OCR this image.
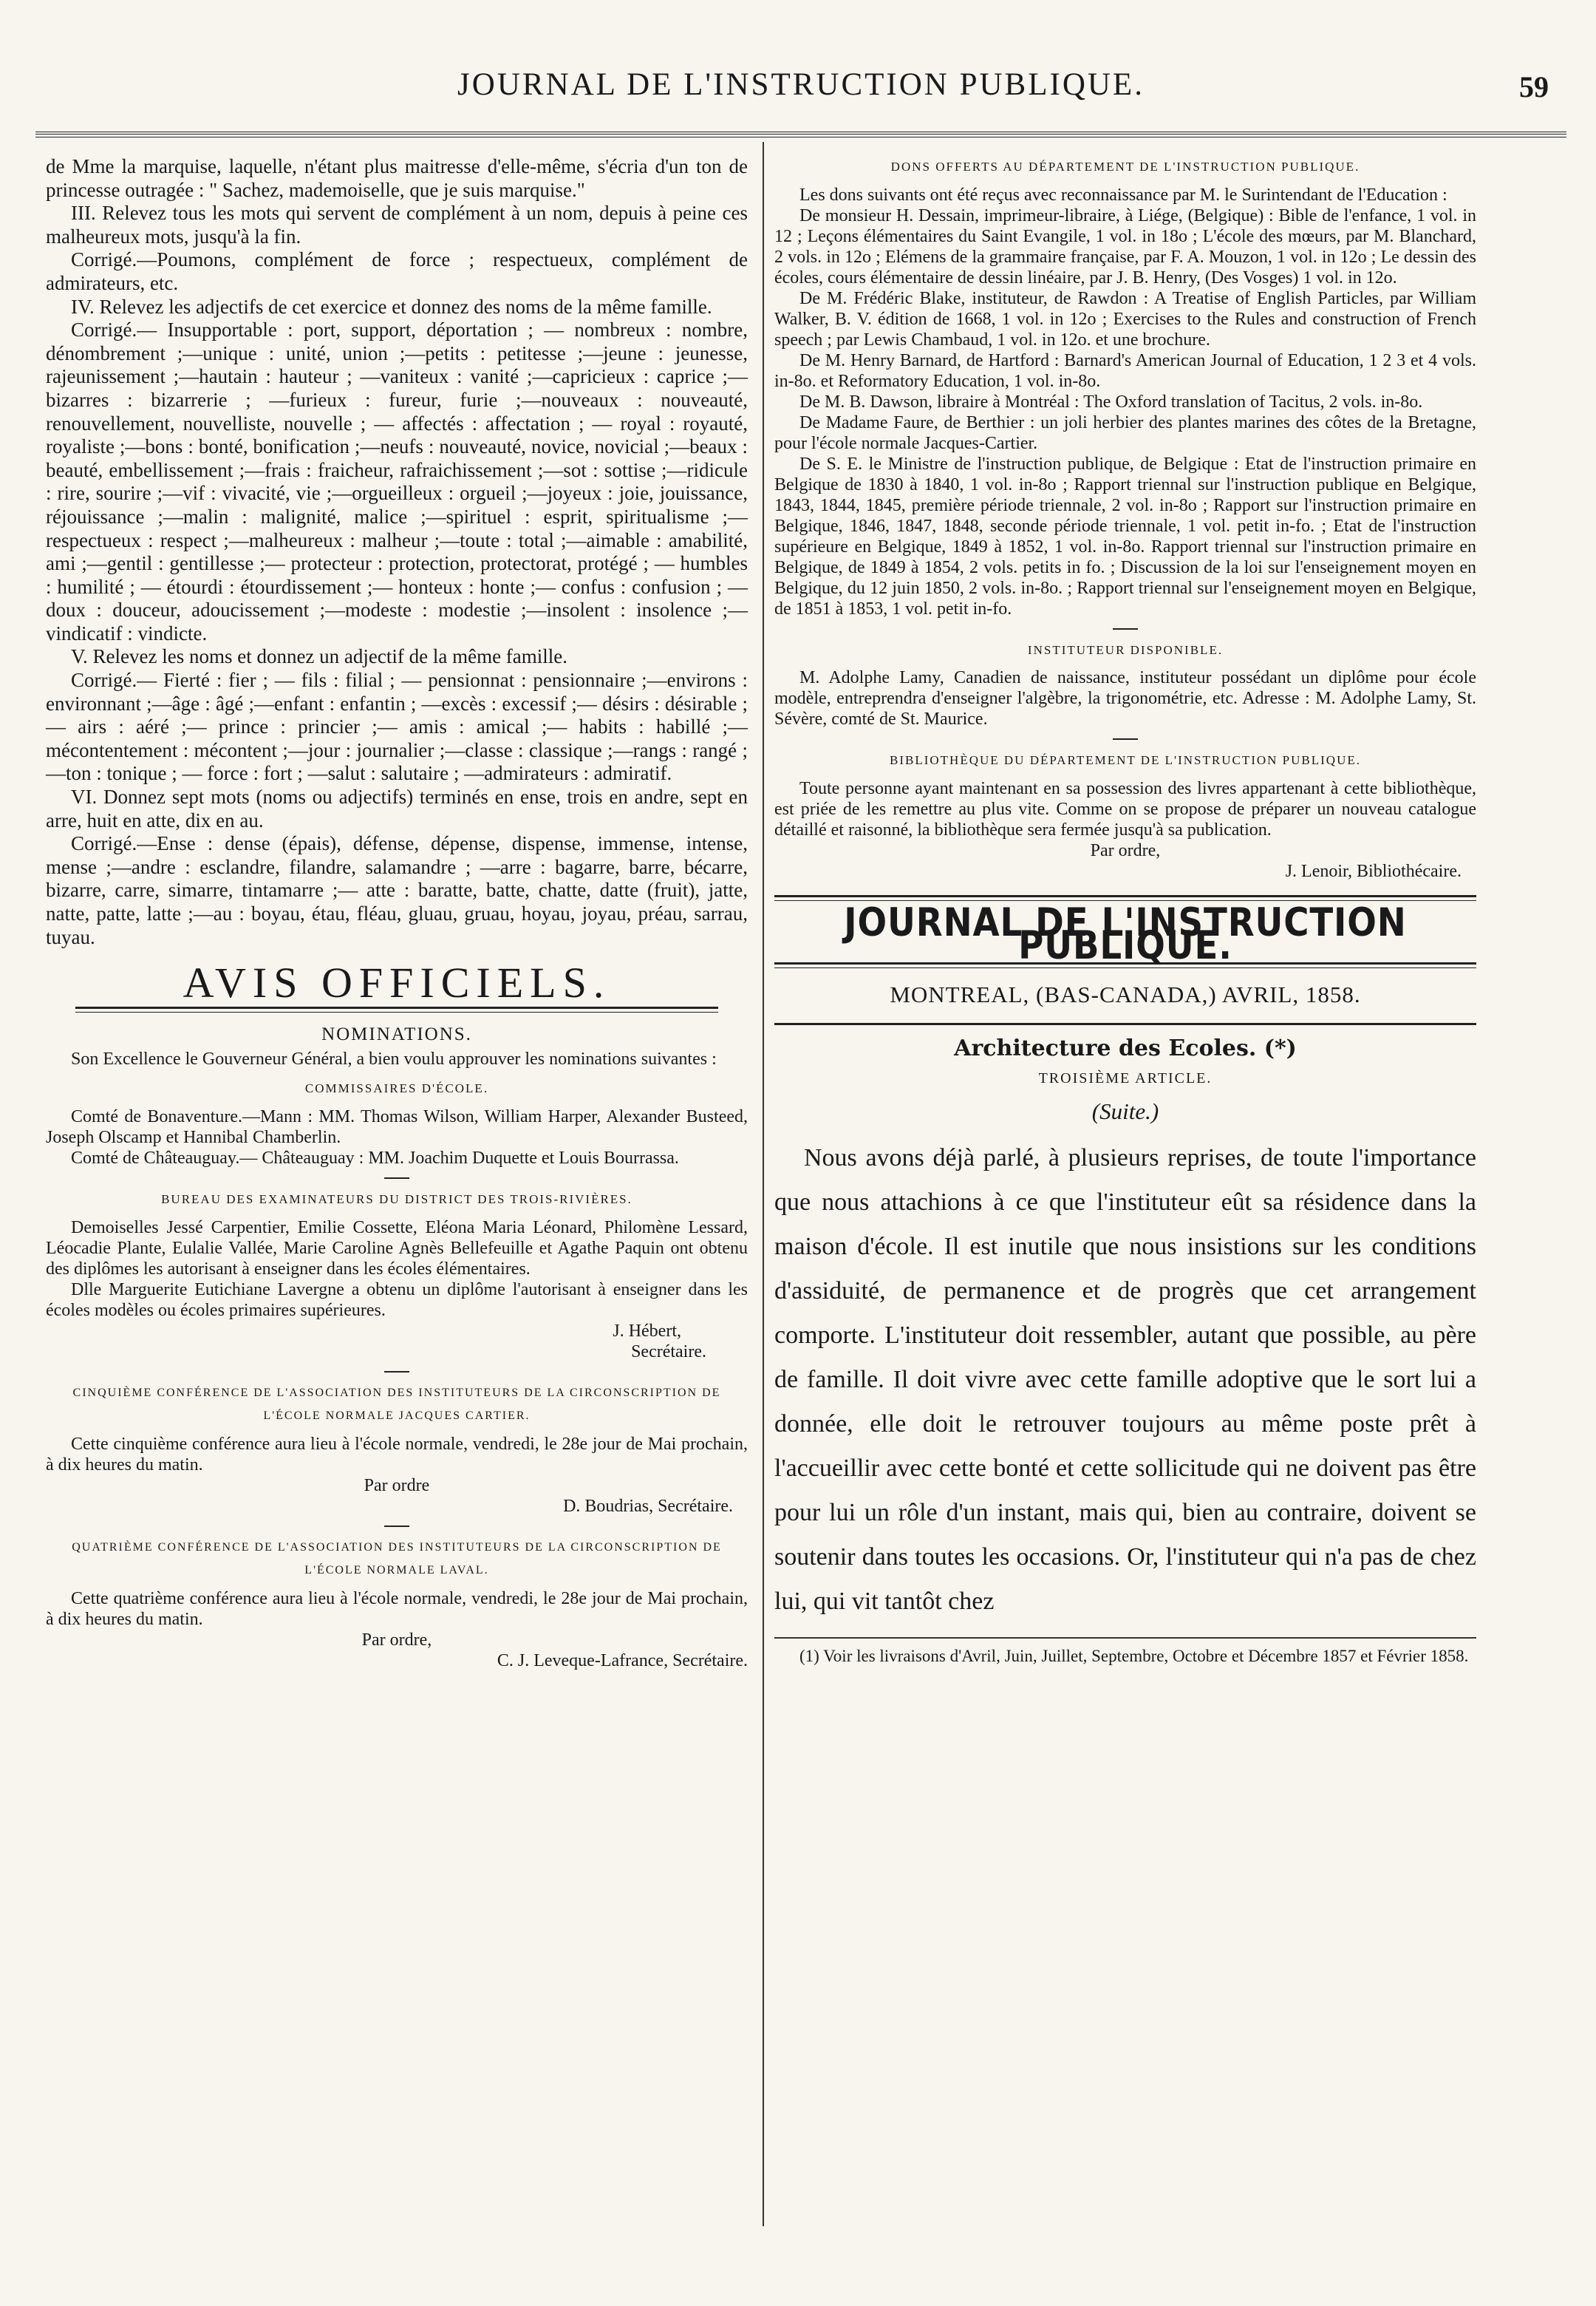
JOURNAL DE L'INSTRUCTION PUBLIQUE.	59

de Mme la marquise, laquelle, n'étant plus maitresse d'elle-même, s'écria d'un ton de princesse outragée : " Sachez, mademoiselle, que je suis marquise."

III. Relevez tous les mots qui servent de complément à un nom, depuis à peine ces malheureux mots, jusqu'à la fin.

Corrigé.—Poumons, complément de force ; respectueux, complément de admirateurs, etc.

IV. Relevez les adjectifs de cet exercice et donnez des noms de la même famille.

Corrigé.— Insupportable : port, support, déportation ; — nombreux : nombre, dénombrement ;—unique : unité, union ;—petits : petitesse ;—jeune : jeunesse, rajeunissement ;—hautain : hauteur ; —vaniteux : vanité ;—capricieux : caprice ;—bizarres : bizarrerie ; —furieux : fureur, furie ;—nouveaux : nouveauté, renouvellement, nouvelliste, nouvelle ; — affectés : affectation ; — royal : royauté, royaliste ;—bons : bonté, bonification ;—neufs : nouveauté, novice, novicial ;—beaux : beauté, embellissement ;—frais : fraicheur, rafraichissement ;—sot : sottise ;—ridicule : rire, sourire ;—vif : vivacité, vie ;—orgueilleux : orgueil ;—joyeux : joie, jouissance, réjouissance ;—malin : malignité, malice ;—spirituel : esprit, spiritualisme ;—respectueux : respect ;—malheureux : malheur ;—toute : total ;—aimable : amabilité, ami ;—gentil : gentillesse ;— protecteur : protection, protectorat, protégé ; — humbles : humilité ; — étourdi : étourdissement ;— honteux : honte ;— confus : confusion ; —doux : douceur, adoucissement ;—modeste : modestie ;—insolent : insolence ;—vindicatif : vindicte.

V. Relevez les noms et donnez un adjectif de la même famille.

Corrigé.— Fierté : fier ; — fils : filial ; — pensionnat : pensionnaire ;—environs : environnant ;—âge : âgé ;—enfant : enfantin ; —excès : excessif ;— désirs : désirable ;— airs : aéré ;— prince : princier ;— amis : amical ;— habits : habillé ;— mécontentement : mécontent ;—jour : journalier ;—classe : classique ;—rangs : rangé ; —ton : tonique ; — force : fort ; —salut : salutaire ; —admirateurs : admiratif.

VI. Donnez sept mots (noms ou adjectifs) terminés en ense, trois en andre, sept en arre, huit en atte, dix en au.

Corrigé.—Ense : dense (épais), défense, dépense, dispense, immense, intense, mense ;—andre : esclandre, filandre, salamandre ; —arre : bagarre, barre, bécarre, bizarre, carre, simarre, tintamarre ;— atte : baratte, batte, chatte, datte (fruit), jatte, natte, patte, latte ;—au : boyau, étau, fléau, gluau, gruau, hoyau, joyau, préau, sarrau, tuyau.

AVIS OFFICIELS.
NOMINATIONS.

Son Excellence le Gouverneur Général, a bien voulu approuver les nominations suivantes :

COMMISSAIRES D'ÉCOLE.

Comté de Bonaventure.—Mann : MM. Thomas Wilson, William Harper, Alexander Busteed, Joseph Olscamp et Hannibal Chamberlin.

Comté de Châteauguay.— Châteauguay : MM. Joachim Duquette et Louis Bourrassa.

BUREAU DES EXAMINATEURS DU DISTRICT DES TROIS-RIVIÈRES.

Demoiselles Jessé Carpentier, Emilie Cossette, Eléona Maria Léonard, Philomène Lessard, Léocadie Plante, Eulalie Vallée, Marie Caroline Agnès Bellefeuille et Agathe Paquin ont obtenu des diplômes les autorisant à enseigner dans les écoles élémentaires.

Dlle Marguerite Eutichiane Lavergne a obtenu un diplôme l'autorisant à enseigner dans les écoles modèles ou écoles primaires supérieures.

J. Hébert,

Secrétaire.

CINQUIÈME CONFÉRENCE DE L'ASSOCIATION DES INSTITUTEURS DE LA CIRCONSCRIPTION DE L'ÉCOLE NORMALE JACQUES CARTIER.

Cette cinquième conférence aura lieu à l'école normale, vendredi, le 28e jour de Mai prochain, à dix heures du matin.

Par ordre

D. Boudrias, Secrétaire.

QUATRIÈME CONFÉRENCE DE L'ASSOCIATION DES INSTITUTEURS DE LA CIRCONSCRIPTION DE L'ÉCOLE NORMALE LAVAL.

Cette quatrième conférence aura lieu à l'école normale, vendredi, le 28e jour de Mai prochain, à dix heures du matin.

Par ordre,

C. J. Leveque-Lafrance, Secrétaire.

DONS OFFERTS AU DÉPARTEMENT DE L'INSTRUCTION PUBLIQUE.

Les dons suivants ont été reçus avec reconnaissance par M. le Surintendant de l'Education :

De monsieur H. Dessain, imprimeur-libraire, à Liége, (Belgique) : Bible de l'enfance, 1 vol. in 12 ; Leçons élémentaires du Saint Evangile, 1 vol. in 18o ; L'école des mœurs, par M. Blanchard, 2 vols. in 12o ; Elémens de la grammaire française, par F. A. Mouzon, 1 vol. in 12o ; Le dessin des écoles, cours élémentaire de dessin linéaire, par J. B. Henry, (Des Vosges) 1 vol. in 12o.

De M. Frédéric Blake, instituteur, de Rawdon : A Treatise of English Particles, par William Walker, B. V. édition de 1668, 1 vol. in 12o ; Exercises to the Rules and construction of French speech ; par Lewis Chambaud, 1 vol. in 12o. et une brochure.

De M. Henry Barnard, de Hartford : Barnard's American Journal of Education, 1 2 3 et 4 vols. in-8o. et Reformatory Education, 1 vol. in-8o.

De M. B. Dawson, libraire à Montréal : The Oxford translation of Tacitus, 2 vols. in-8o.

De Madame Faure, de Berthier : un joli herbier des plantes marines des côtes de la Bretagne, pour l'école normale Jacques-Cartier.

De S. E. le Ministre de l'instruction publique, de Belgique : Etat de l'instruction primaire en Belgique de 1830 à 1840, 1 vol. in-8o ; Rapport triennal sur l'instruction publique en Belgique, 1843, 1844, 1845, première période triennale, 2 vol. in-8o ; Rapport sur l'instruction primaire en Belgique, 1846, 1847, 1848, seconde période triennale, 1 vol. petit in-fo. ; Etat de l'instruction supérieure en Belgique, 1849 à 1852, 1 vol. in-8o. Rapport triennal sur l'instruction primaire en Belgique, de 1849 à 1854, 2 vols. petits in fo. ; Discussion de la loi sur l'enseignement moyen en Belgique, du 12 juin 1850, 2 vols. in-8o. ; Rapport triennal sur l'enseignement moyen en Belgique, de 1851 à 1853, 1 vol. petit in-fo.

INSTITUTEUR DISPONIBLE.

M. Adolphe Lamy, Canadien de naissance, instituteur possédant un diplôme pour école modèle, entreprendra d'enseigner l'algèbre, la trigonométrie, etc. Adresse : M. Adolphe Lamy, St. Sévère, comté de St. Maurice.

BIBLIOTHÈQUE DU DÉPARTEMENT DE L'INSTRUCTION PUBLIQUE.

Toute personne ayant maintenant en sa possession des livres appartenant à cette bibliothèque, est priée de les remettre au plus vite. Comme on se propose de préparer un nouveau catalogue détaillé et raisonné, la bibliothèque sera fermée jusqu'à sa publication.

Par ordre,

J. Lenoir, Bibliothécaire.

JOURNAL DE L'INSTRUCTION PUBLIQUE.
MONTREAL, (BAS-CANADA,) AVRIL, 1858.
Architecture des Ecoles. (*)
TROISIÈME ARTICLE.
(Suite.)

Nous avons déjà parlé, à plusieurs reprises, de toute l'importance que nous attachions à ce que l'instituteur eût sa résidence dans la maison d'école. Il est inutile que nous insistions sur les conditions d'assiduité, de permanence et de progrès que cet arrangement comporte. L'instituteur doit ressembler, autant que possible, au père de famille. Il doit vivre avec cette famille adoptive que le sort lui a donnée, elle doit le retrouver toujours au même poste prêt à l'accueillir avec cette bonté et cette sollicitude qui ne doivent pas être pour lui un rôle d'un instant, mais qui, bien au contraire, doivent se soutenir dans toutes les occasions. Or, l'instituteur qui n'a pas de chez lui, qui vit tantôt chez

(1) Voir les livraisons d'Avril, Juin, Juillet, Septembre, Octobre et Décembre 1857 et Février 1858.
